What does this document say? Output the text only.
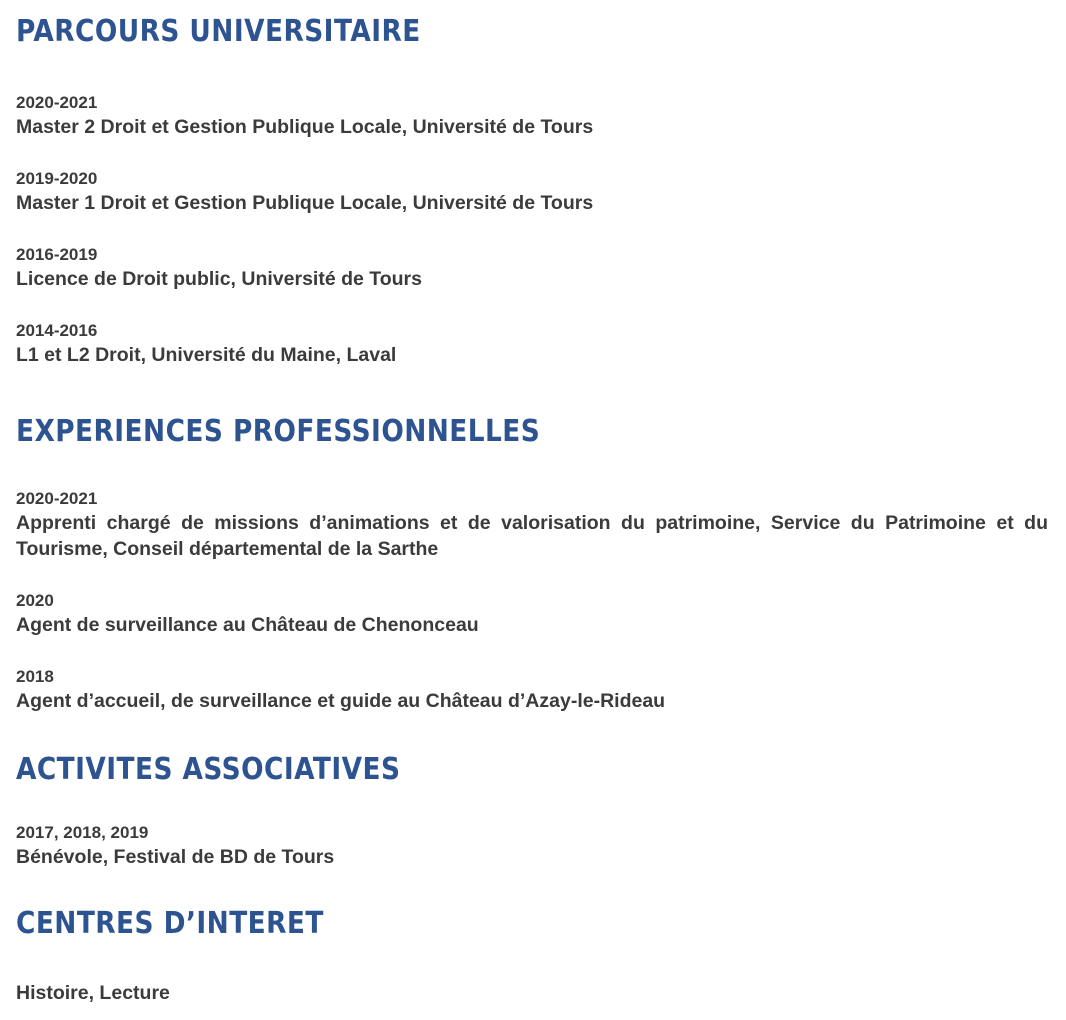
PARCOURS UNIVERSITAIRE
2020-2021
Master 2 Droit et Gestion Publique Locale, Université de Tours
2019-2020
Master 1 Droit et Gestion Publique Locale, Université de Tours
2016-2019
Licence de Droit public, Université de Tours
2014-2016
L1 et L2 Droit, Université du Maine, Laval
EXPERIENCES PROFESSIONNELLES
2020-2021
Apprenti chargé de missions d’animations et de valorisation du patrimoine, Service du Patrimoine et du Tourisme, Conseil départemental de la Sarthe
2020
Agent de surveillance au Château de Chenonceau
2018
Agent d’accueil, de surveillance et guide au Château d’Azay-le-Rideau
ACTIVITES ASSOCIATIVES
2017, 2018, 2019
Bénévole, Festival de BD de Tours
CENTRES D’INTERET
Histoire, Lecture
